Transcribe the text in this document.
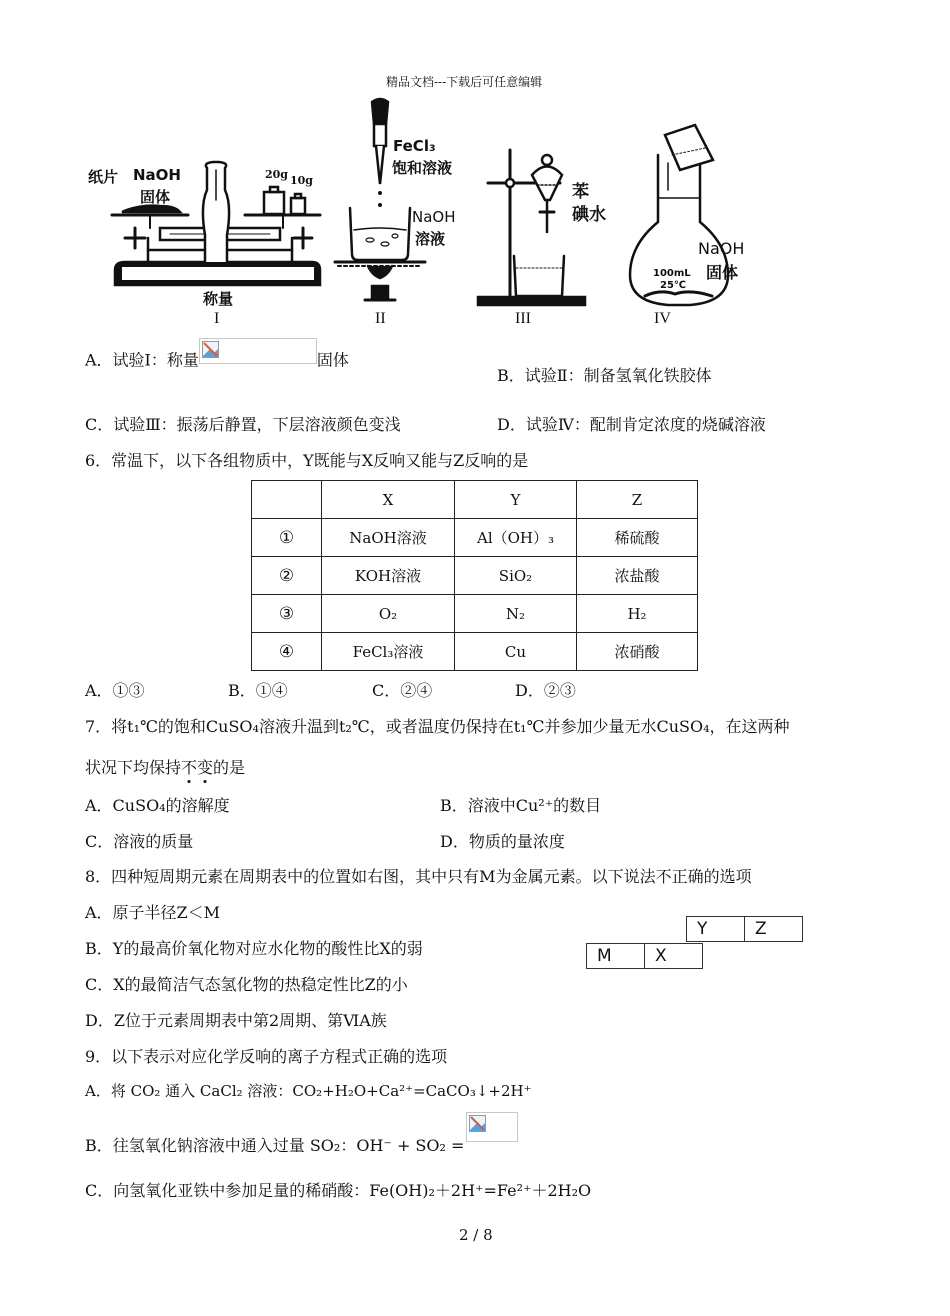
精品文档---下载后可任意编辑
纸片 NaOH
固体
20g 10g
称量
I
FeCl₃
饱和溶液
NaOH
溶液
II
苯
碘水
III
NaOH
固体
100mL
25℃
IV
A．试验Ⅰ：称量	固体
B．试验Ⅱ：制备氢氧化铁胶体
C．试验Ⅲ：振荡后静置，下层溶液颜色变浅	D．试验Ⅳ：配制肯定浓度的烧碱溶液
6．常温下，以下各组物质中，Y既能与X反响又能与Z反响的是
	X	Y	Z
①	NaOH溶液	Al（OH）₃	稀硫酸
②	KOH溶液	SiO₂	浓盐酸
③	O₂	N₂	H₂
④	FeCl₃溶液	Cu	浓硝酸
A．①③	B．①④	C．②④	D．②③
7．将t₁℃的饱和CuSO₄溶液升温到t₂℃，或者温度仍保持在t₁℃并参加少量无水CuSO₄，在这两种
状况下均保持不变的是
A．CuSO₄的溶解度	B．溶液中Cu²⁺的数目
C．溶液的质量	D．物质的量浓度
8．四种短周期元素在周期表中的位置如右图，其中只有M为金属元素。以下说法不正确的选项
A．原子半径Z＜M
B．Y的最高价氧化物对应水化物的酸性比X的弱
C．X的最简洁气态氢化物的热稳定性比Z的小
D．Z位于元素周期表中第2周期、第ⅥA族
Y	Z
M	X
9．以下表示对应化学反响的离子方程式正确的选项
A．将 CO₂ 通入 CaCl₂ 溶液：CO₂+H₂O+Ca²⁺=CaCO₃↓+2H⁺
B．往氢氧化钠溶液中通入过量 SO₂：OH⁻ + SO₂ =
C．向氢氧化亚铁中参加足量的稀硝酸：Fe(OH)₂＋2H⁺=Fe²⁺＋2H₂O
2 / 8
